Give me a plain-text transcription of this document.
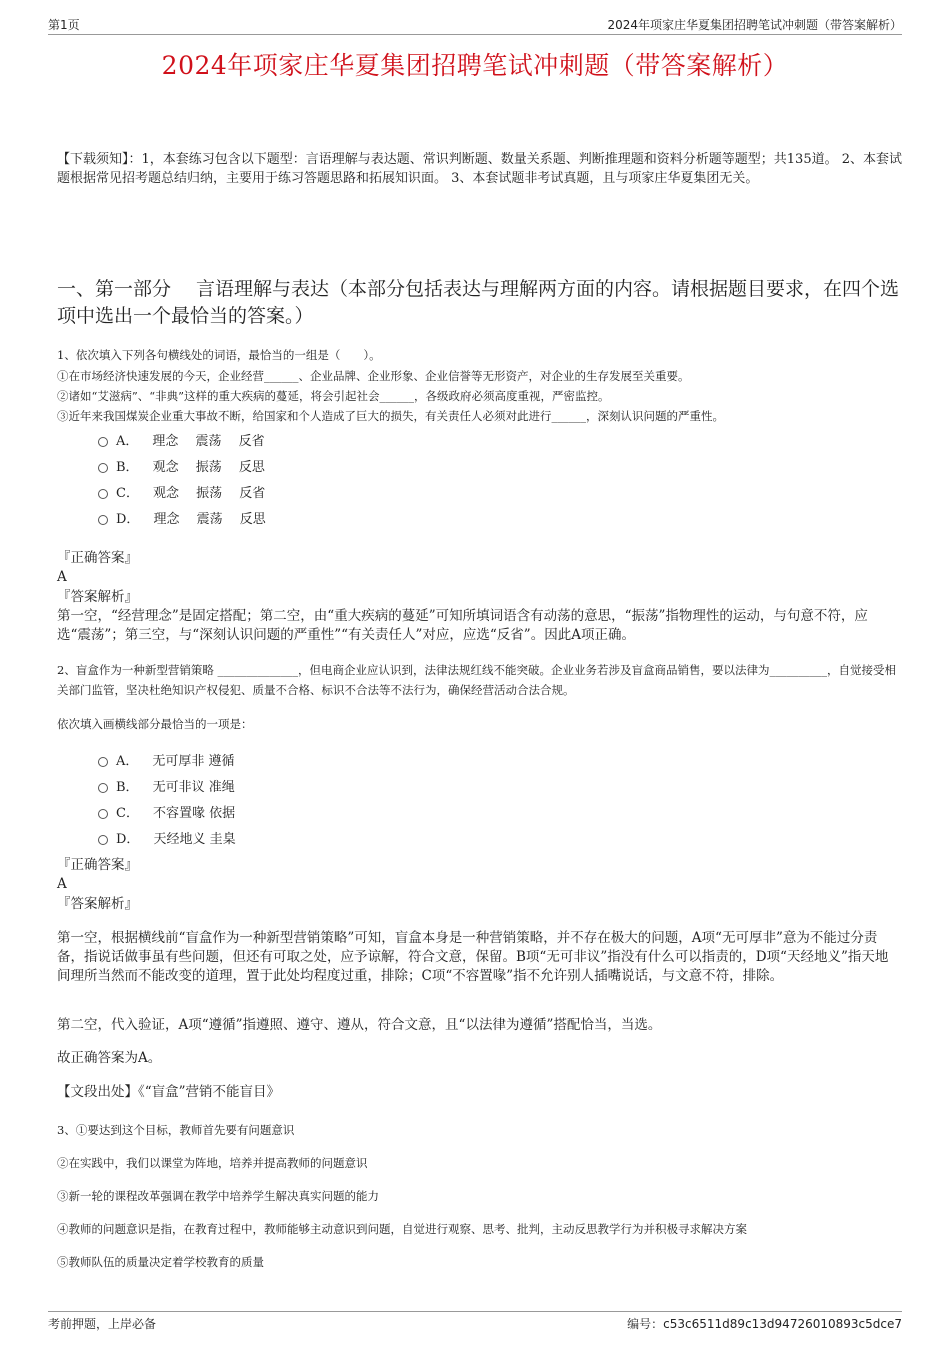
第1页	2024年项家庄华夏集团招聘笔试冲刺题（带答案解析）
2024年项家庄华夏集团招聘笔试冲刺题（带答案解析）
【下载须知】：1，本套练习包含以下题型：言语理解与表达题、常识判断题、数量关系题、判断推理题和资料分析题等题型；共135道。 2、本套试题根据常见招考题总结归纳，主要用于练习答题思路和拓展知识面。 3、本套试题非考试真题，且与项家庄华夏集团无关。
一、第一部分　 言语理解与表达（本部分包括表达与理解两方面的内容。请根据题目要求，在四个选项中选出一个最恰当的答案。）

1、依次填入下列各句横线处的词语，最恰当的一组是（　　）。

①在市场经济快速发展的今天，企业经营______、企业品牌、企业形象、企业信誉等无形资产，对企业的生存发展至关重要。

②诸如“艾滋病”、“非典”这样的重大疾病的蔓延，将会引起社会______，各级政府必须高度重视，严密监控。

③近年来我国煤炭企业重大事故不断，给国家和个人造成了巨大的损失，有关责任人必须对此进行______，深刻认识问题的严重性。

A． 理念　 震荡　 反省
B． 观念　 振荡　 反思
C． 观念　 振荡　 反省
D． 理念　 震荡　 反思
『正确答案』
A
『答案解析』
第一空，“经营理念”是固定搭配；第二空，由“重大疾病的蔓延”可知所填词语含有动荡的意思，“振荡”指物理性的运动，与句意不符，应选“震荡”；第三空，与“深刻认识问题的严重性”“有关责任人”对应，应选“反省”。因此A项正确。

2、盲盒作为一种新型营销策略 ______________，但电商企业应认识到，法律法规红线不能突破。企业业务若涉及盲盒商品销售，要以法律为__________，自觉接受相关部门监管，坚决杜绝知识产权侵犯、质量不合格、标识不合法等不法行为，确保经营活动合法合规。

依次填入画横线部分最恰当的一项是：

A． 无可厚非 遵循
B． 无可非议 准绳
C． 不容置喙 依据
D． 天经地义 圭臬
『正确答案』
A
『答案解析』
第一空，根据横线前“盲盒作为一种新型营销策略”可知，盲盒本身是一种营销策略，并不存在极大的问题，A项“无可厚非”意为不能过分责备，指说话做事虽有些问题，但还有可取之处，应予谅解，符合文意，保留。B项“无可非议”指没有什么可以指责的，D项“天经地义”指天地间理所当然而不能改变的道理，置于此处均程度过重，排除；C项“不容置喙”指不允许别人插嘴说话，与文意不符，排除。
第二空，代入验证，A项“遵循”指遵照、遵守、遵从，符合文意，且“以法律为遵循”搭配恰当，当选。
故正确答案为A。
【文段出处】《“盲盒”营销不能盲目》

3、①要达到这个目标，教师首先要有问题意识

②在实践中，我们以课堂为阵地，培养并提高教师的问题意识

③新一轮的课程改革强调在教学中培养学生解决真实问题的能力

④教师的问题意识是指，在教育过程中，教师能够主动意识到问题，自觉进行观察、思考、批判，主动反思教学行为并积极寻求解决方案

⑤教师队伍的质量决定着学校教育的质量

考前押题，上岸必备	编号：c53c6511d89c13d94726010893c5dce7
